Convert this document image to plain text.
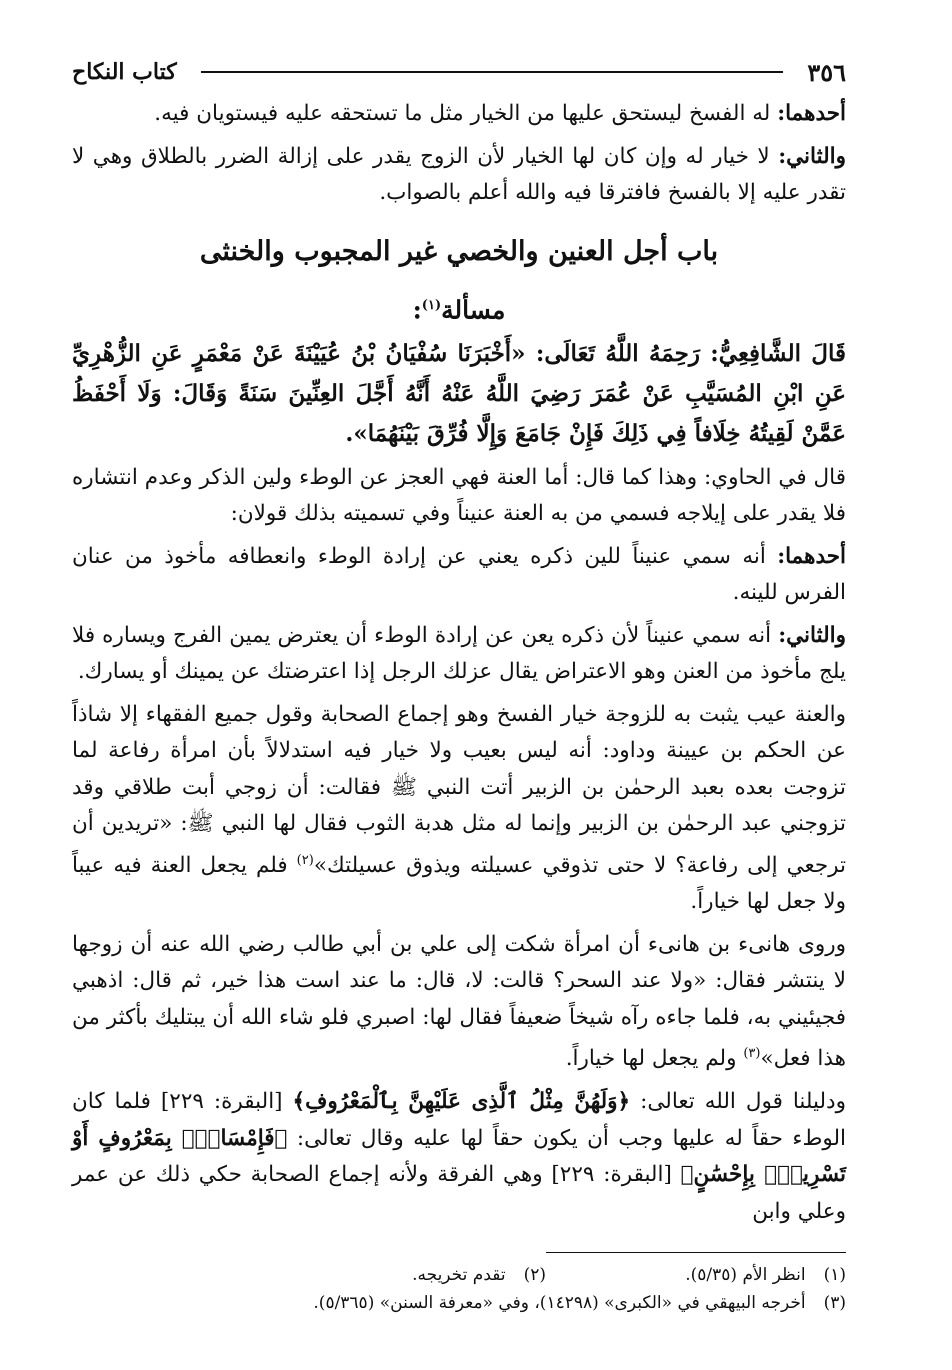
٣٥٦
كتاب النكاح

أحدهما: له الفسخ ليستحق عليها من الخيار مثل ما تستحقه عليه فيستويان فيه.

والثاني: لا خيار له وإن كان لها الخيار لأن الزوج يقدر على إزالة الضرر بالطلاق وهي لا تقدر عليه إلا بالفسخ فافترقا فيه والله أعلم بالصواب.

باب أجل العنين والخصي غير المجبوب والخنثى
مسألة$^{(١)}$:

قَالَ الشَّافِعِيُّ: رَحِمَهُ اللَّهُ تَعَالَى: «أَخْبَرَنَا سُفْيَانُ بْنُ عُيَيْنَةَ عَنْ مَعْمَرٍ عَنِ الزُّهْرِيِّ عَنِ ابْنِ المُسَيَّبِ عَنْ عُمَرَ رَضِيَ اللَّهُ عَنْهُ أَنَّهُ أَجَّلَ العِنِّينَ سَنَةً وَقَالَ: وَلَا أَحْفَظُ عَمَّنْ لَقِيتُهُ خِلَافاً فِي ذَلِكَ فَإِنْ جَامَعَ وَإِلَّا فُرِّقَ بَيْنَهُمَا».

قال في الحاوي: وهذا كما قال: أما العنة فهي العجز عن الوطء ولين الذكر وعدم انتشاره فلا يقدر على إيلاجه فسمي من به العنة عنيناً وفي تسميته بذلك قولان:

أحدهما: أنه سمي عنيناً للين ذكره يعني عن إرادة الوطء وانعطافه مأخوذ من عنان الفرس للينه.

والثاني: أنه سمي عنيناً لأن ذكره يعن عن إرادة الوطء أن يعترض يمين الفرج ويساره فلا يلج مأخوذ من العنن وهو الاعتراض يقال عزلك الرجل إذا اعترضتك عن يمينك أو يسارك.

والعنة عيب يثبت به للزوجة خيار الفسخ وهو إجماع الصحابة وقول جميع الفقهاء إلا شاذاً عن الحكم بن عيينة وداود: أنه ليس بعيب ولا خيار فيه استدلالاً بأن امرأة رفاعة لما تزوجت بعده بعبد الرحمٰن بن الزبير أتت النبي ﷺ فقالت: أن زوجي أبت طلاقي وقد تزوجني عبد الرحمٰن بن الزبير وإنما له مثل هدبة الثوب فقال لها النبي ﷺ: «تريدين أن ترجعي إلى رفاعة؟ لا حتى تذوقي عسيلته ويذوق عسيلتك»$^{(٢)}$ فلم يجعل العنة فيه عيباً ولا جعل لها خياراً.

وروى هانىء بن هانىء أن امرأة شكت إلى علي بن أبي طالب رضي الله عنه أن زوجها لا ينتشر فقال: «ولا عند السحر؟ قالت: لا، قال: ما عند است هذا خير، ثم قال: اذهبي فجيئيني به، فلما جاءه رآه شيخاً ضعيفاً فقال لها: اصبري فلو شاء الله أن يبتليك بأكثر من هذا فعل»$^{(٣)}$ ولم يجعل لها خياراً.

ودليلنا قول الله تعالى: ﴿وَلَهُنَّ مِثْلُ ٱلَّذِى عَلَيْهِنَّ بِٱلْمَعْرُوفِ﴾ [البقرة: ٢٢٩] فلما كان الوطء حقاً له عليها وجب أن يكون حقاً لها عليه وقال تعالى: ﴿فَإِمْسَاكٌۢ بِمَعْرُوفٍ أَوْ تَسْرِيحٌۢ بِإِحْسَٰنٍ﴾ [البقرة: ٢٢٩] وهي الفرقة ولأنه إجماع الصحابة حكي ذلك عن عمر وعلي وابن

(١)
انظر الأم (٥/٣٥).
(٢)
تقدم تخريجه.
(٣)
أخرجه البيهقي في «الكبرى» (١٤٢٩٨)، وفي «معرفة السنن» (٥/٣٦٥).
